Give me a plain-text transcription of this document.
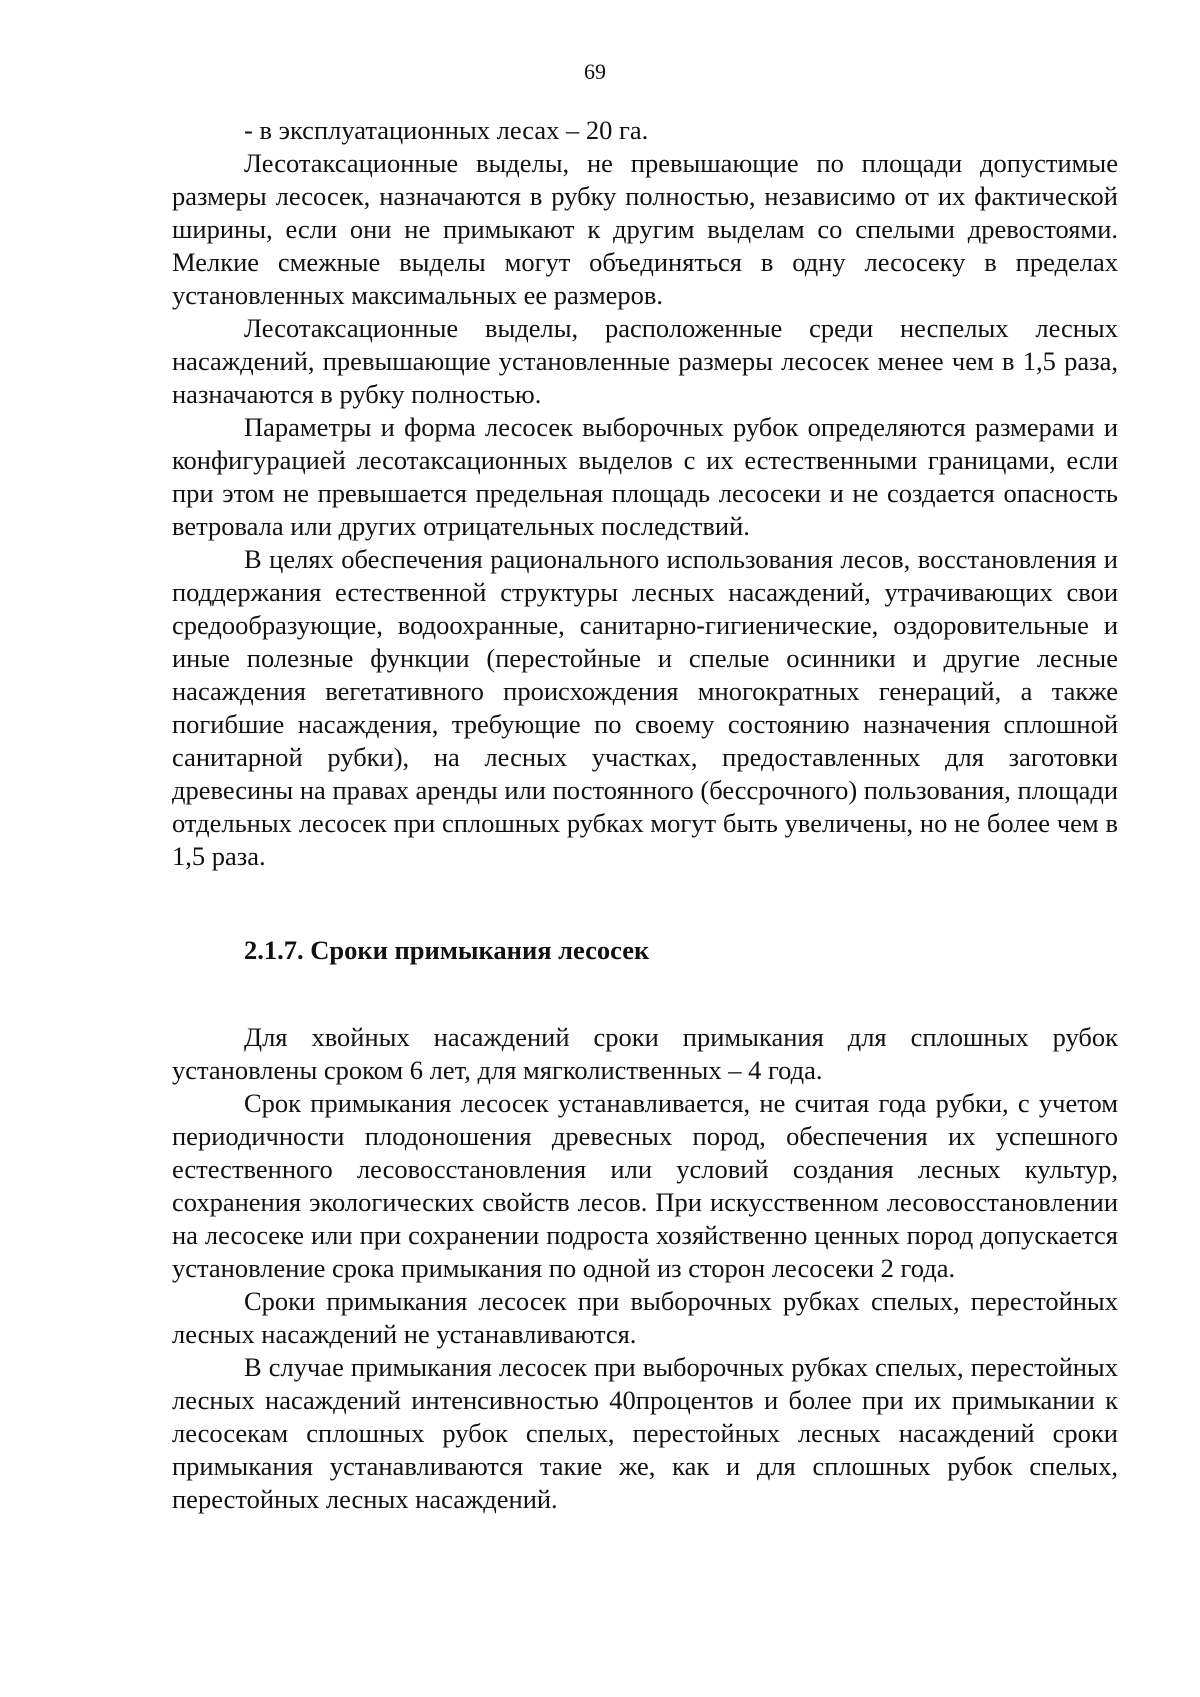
69

- в эксплуатационных лесах – 20 га.

Лесотаксационные выделы, не превышающие по площади допустимые размеры лесосек, назначаются в рубку полностью, независимо от их фактической ширины, если они не примыкают к другим выделам со спелыми древостоями. Мелкие смежные выделы могут объединяться в одну лесосеку в пределах установленных максимальных ее размеров.

Лесотаксационные выделы, расположенные среди неспелых лесных насаждений, превышающие установленные размеры лесосек менее чем в 1,5 раза, назначаются в рубку полностью.

Параметры и форма лесосек выборочных рубок определяются размерами и конфигурацией лесотаксационных выделов с их естественными границами, если при этом не превышается предельная площадь лесосеки и не создается опасность ветровала или других отрицательных последствий.

В целях обеспечения рационального использования лесов, восстановления и поддержания естественной структуры лесных насаждений, утрачивающих свои средообразующие, водоохранные, санитарно-гигиенические, оздоровительные и иные полезные функции (перестойные и спелые осинники и другие лесные насаждения вегетативного происхождения многократных генераций, а также погибшие насаждения, требующие по своему состоянию назначения сплошной санитарной рубки), на лесных участках, предоставленных для заготовки древесины на правах аренды или постоянного (бессрочного) пользования, площади отдельных лесосек при сплошных рубках могут быть увеличены, но не более чем в 1,5 раза.

2.1.7. Сроки примыкания лесосек

Для хвойных насаждений сроки примыкания для сплошных рубок установлены сроком 6 лет, для мягколиственных – 4 года.

Срок примыкания лесосек устанавливается, не считая года рубки, с учетом периодичности плодоношения древесных пород, обеспечения их успешного естественного лесовосстановления или условий создания лесных культур, сохранения экологических свойств лесов. При искусственном лесовосстановлении на лесосеке или при сохранении подроста хозяйственно ценных пород допускается установление срока примыкания по одной из сторон лесосеки 2 года.

Сроки примыкания лесосек при выборочных рубках спелых, перестойных лесных насаждений не устанавливаются.

В случае примыкания лесосек при выборочных рубках спелых, перестойных лесных насаждений интенсивностью 40процентов и более при их примыкании к лесосекам сплошных рубок спелых, перестойных лесных насаждений сроки примыкания устанавливаются такие же, как и для сплошных рубок спелых, перестойных лесных насаждений.
